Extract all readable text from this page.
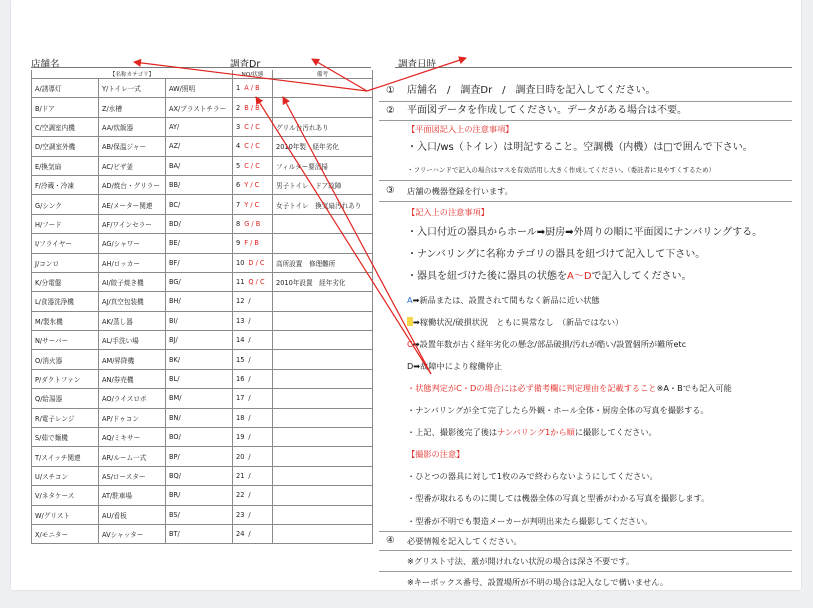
店舗名	調査Dr	調査日時
【名称カテゴリ】			NO/状態	備考
A/誘導灯	Y/トイレ一式	AW/照明	1 A / B	
B/ドア	Z/水槽	AX/ブラストチラー	2 B / B	
C/空調室内機	AA/炊飯器	AY/	3 C / C	グリル台汚れあり
D/空調室外機	AB/保温ジャー	AZ/	4 C / C	2010年製　経年劣化
E/換気扇	AC/ビザ釜	BA/	5 C / C	フィルター要清掃
F/冷蔵・冷凍	AD/焼台・グリラー	BB/	6 Y / C	男子トイレ　ドア故障
G/シンク	AE/メーター関連	BC/	7 Y / C	女子トイレ　換気扇汚れあり
H/フード	AF/ワインセラー	BD/	8 G / B	
I/フライヤー	AG/シャワー	BE/	9 F / B	
J/コンロ	AH/ロッカー	BF/	10 D / C	高所設置　修理難所
K/分電盤	AI/餃子焼き機	BG/	11 Q / C	2010年設置　経年劣化
L/食器洗浄機	AJ/真空包装機	BH/	12 /	
M/製氷機	AK/蒸し器	BI/	13 /	
N/サーバー	AL/手洗い場	BJ/	14 /	
O/消火器	AM/昇降機	BK/	15 /	
P/ダクトファン	AN/券売機	BL/	16 /	
Q/給湯器	AO/ライスロボ	BM/	17 /	
R/電子レンジ	AP/ドゥコン	BN/	18 /	
S/茹で麺機	AQ/ミキサー	BO/	19 /	
T/スイッチ関連	AR/ルーム一式	BP/	20 /	
U/スチコン	AS/ロースター	BQ/	21 /	
V/ネタケース	AT/駐車場	BR/	22 /	
W/グリスト	AU/看板	BS/	23 /	
X/モニター	AVシャッター	BT/	24 /	
① 店舗名　/　調査Dr　/　調査日時を記入してください。
② 平面図データを作成してください。データがある場合は不要。
【平面図記入上の注意事項】
・入口/ws（トイレ）は明記すること。空調機（内機）は□で囲んで下さい。
・フリーハンドで記入の場合はマスを有効活用し大きく作成してください。（委託者に見やすくするため）
③ 店舗の機器登録を行います。
【記入上の注意事項】
・入口付近の器具からホール➡厨房➡外周りの順に平面図にナンバリングする。
・ナンバリングに名称カテゴリの器具を紐づけて記入して下さい。
・器具を紐づけた後に器具の状態をA〜Dで記入してください。
A➡新品または、設置されて間もなく新品に近い状態
➡稼働状況/破損状況　ともに異常なし　（新品ではない）
C➡設置年数が古く経年劣化の懸念/部品破損/汚れが酷い/設置個所が難所etc
D➡故障中により稼働停止
・状態判定がC・Dの場合には必ず備考欄に判定理由を記載すること※A・Bでも記入可能
・ナンバリングが全て完了したら外観・ホール全体・厨房全体の写真を撮影する。
・上記、撮影後完了後はナンバリング1から順に撮影してください。
【撮影の注意】
・ひとつの器具に対して1枚のみで終わらないようにしてください。
・型番が取れるものに関しては機器全体の写真と型番がわかる写真を撮影します。
・型番が不明でも製造メーカーが判明出来たら撮影してください。
④ 必要情報を記入してください。
※グリスト寸法、蓋が開けれない状況の場合は深さ不要です。
※キーボックス番号、設置場所が不明の場合は記入なしで構いません。
